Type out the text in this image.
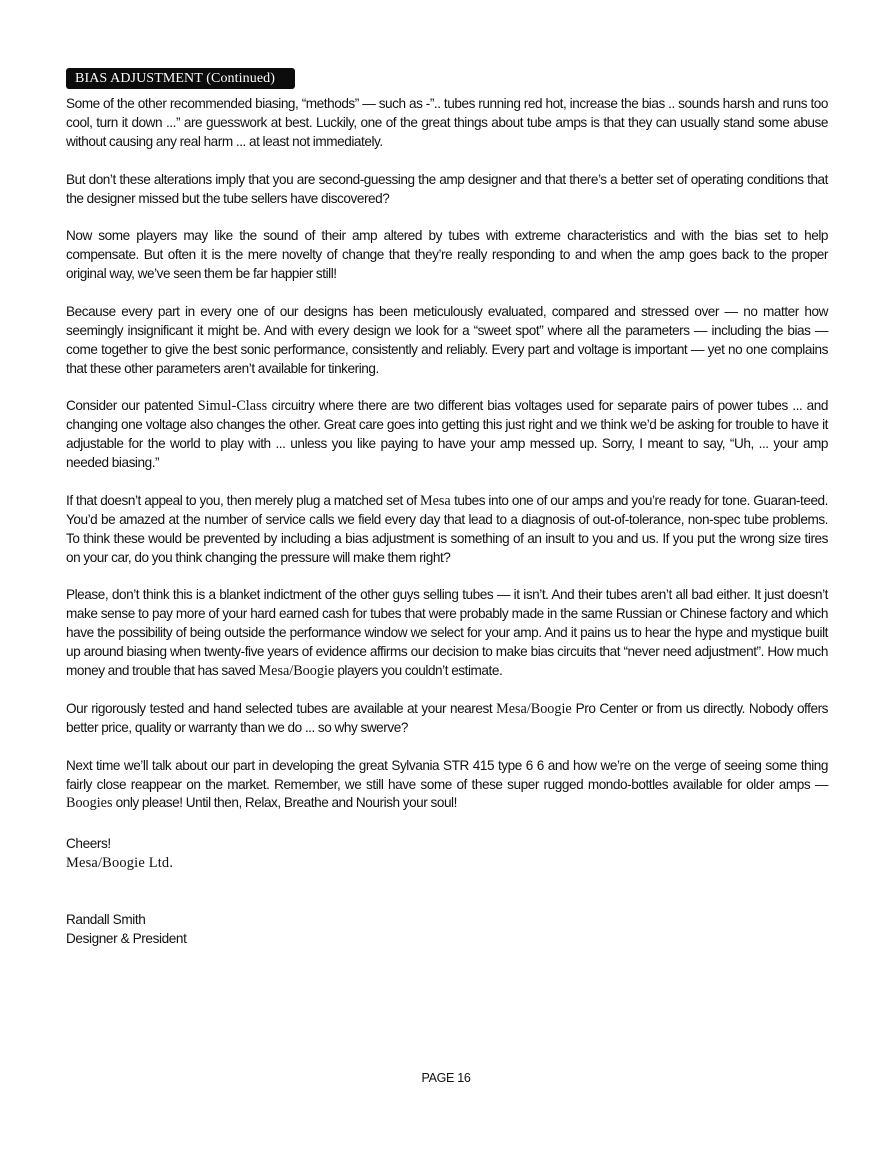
BIAS ADJUSTMENT (Continued)

Some of the other recommended biasing, “methods” — such as -”.. tubes running red hot, increase the bias .. sounds harsh and runs too cool, turn it down ...” are guesswork at best. Luckily, one of the great things about tube amps is that they can usually stand some abuse without causing any real harm ... at least not immediately.

But don’t these alterations imply that you are second-guessing the amp designer and that there’s a better set of operating conditions that the designer missed but the tube sellers have discovered?

Now some players may like the sound of their amp altered by tubes with extreme characteristics and with the bias set to help compensate. But often it is the mere novelty of change that they’re really responding to and when the amp goes back to the proper original way, we’ve seen them be far happier still!

Because every part in every one of our designs has been meticulously evaluated, compared and stressed over — no matter how seemingly insignificant it might be. And with every design we look for a “sweet spot” where all the parameters — including the bias — come together to give the best sonic performance, consistently and reliably. Every part and voltage is important — yet no one complains that these other parameters aren’t available for tinkering.

Consider our patented Simul-Class circuitry where there are two different bias voltages used for separate pairs of power tubes ... and changing one voltage also changes the other. Great care goes into getting this just right and we think we’d be asking for trouble to have it adjustable for the world to play with ... unless you like paying to have your amp messed up. Sorry, I meant to say, “Uh, ... your amp needed biasing.”

If that doesn’t appeal to you, then merely plug a matched set of Mesa tubes into one of our amps and you’re ready for tone. Guaran-teed. You’d be amazed at the number of service calls we field every day that lead to a diagnosis of out-of-tolerance, non-spec tube problems. To think these would be prevented by including a bias adjustment is something of an insult to you and us. If you put the wrong size tires on your car, do you think changing the pressure will make them right?

Please, don’t think this is a blanket indictment of the other guys selling tubes — it isn’t. And their tubes aren’t all bad either. It just doesn’t make sense to pay more of your hard earned cash for tubes that were probably made in the same Russian or Chinese factory and which have the possibility of being outside the performance window we select for your amp. And it pains us to hear the hype and mystique built up around biasing when twenty-five years of evidence affirms our decision to make bias circuits that “never need adjustment”. How much money and trouble that has saved Mesa/Boogie players you couldn’t estimate.

Our rigorously tested and hand selected tubes are available at your nearest Mesa/Boogie Pro Center or from us directly. Nobody offers better price, quality or warranty than we do ... so why swerve?

Next time we’ll talk about our part in developing the great Sylvania STR 415 type 6 6 and how we’re on the verge of seeing some thing fairly close reappear on the market. Remember, we still have some of these super rugged mondo-bottles available for older amps — Boogies only please! Until then, Relax, Breathe and Nourish your soul!

Cheers!
Mesa/Boogie Ltd.
Randall Smith
Designer & President
PAGE 16
